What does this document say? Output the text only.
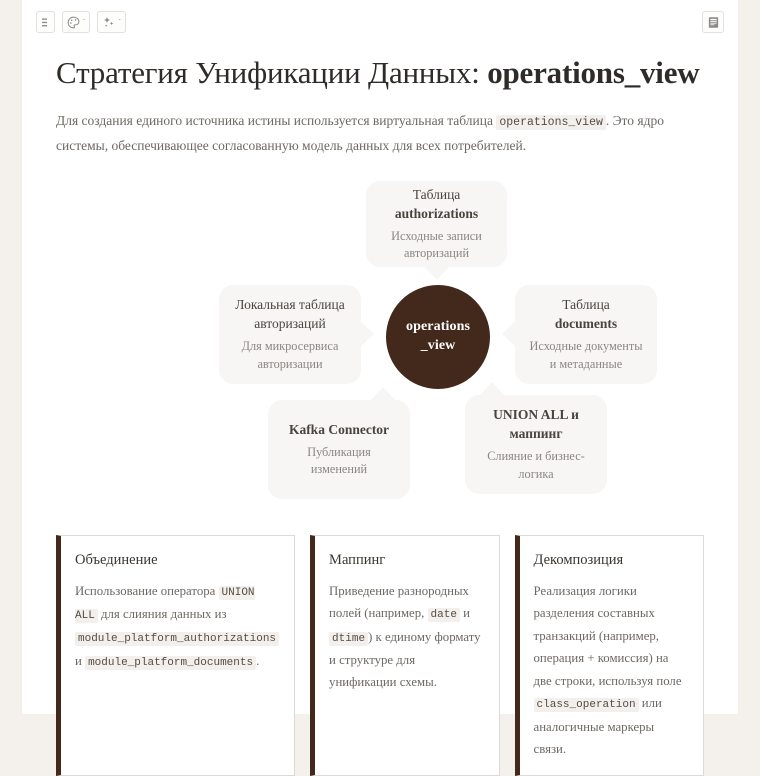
ˇ	ˇ
Стратегия Унификации Данных: operations_view

Для создания единого источника истины используется виртуальная таблица operations_view . Это ядро системы, обеспечивающее согласованную модель данных для всех потребителей.

Таблица
authorizations
Исходные записи авторизаций
Локальная таблица авторизаций
Для микросервиса авторизации
Таблица
documents
Исходные документы и метаданные
Kafka Connector
Публикация изменений
UNION ALL и маппинг
Слияние и бизнес-логика
operations
_view
Объединение

Использование оператора UNION ALL для слияния данных из module_platform_authorizations и module_platform_documents .

Маппинг

Приведение разнородных полей (например, date и dtime ) к единому формату и структуре для унификации схемы.

Декомпозиция

Реализация логики разделения составных транзакций (например, операция + комиссия) на две строки, используя поле class_operation или аналогичные маркеры связи.
